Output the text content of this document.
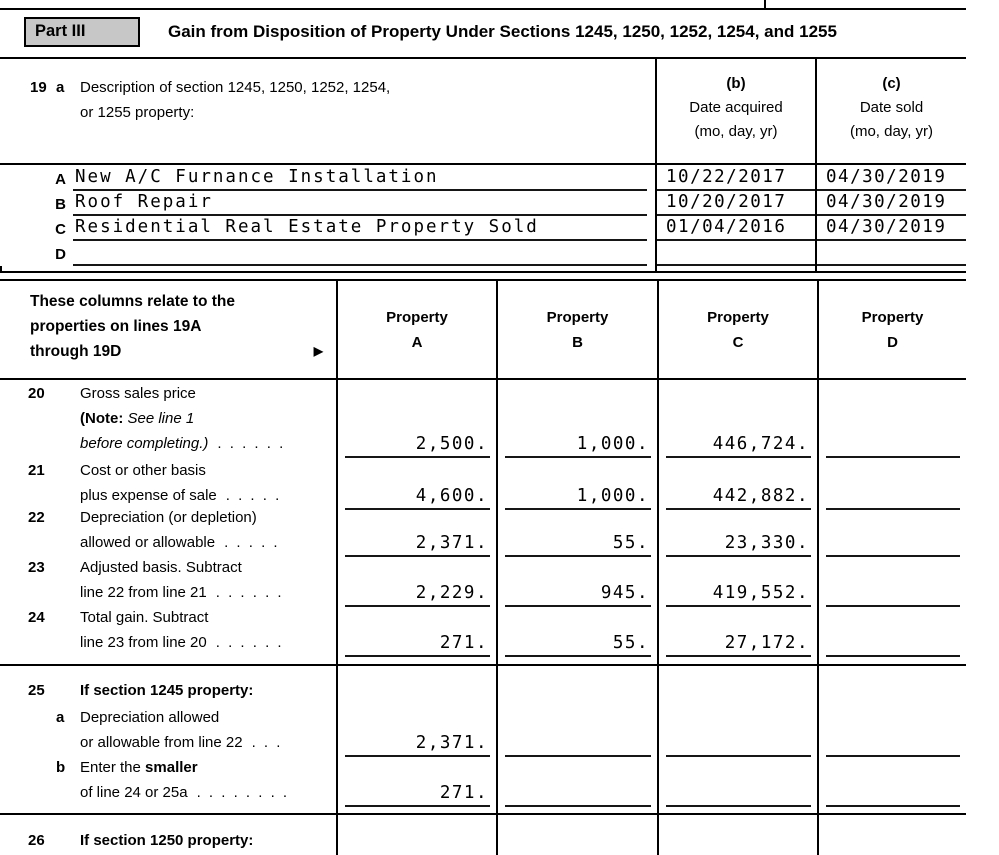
Part III	Gain from Disposition of Property Under Sections 1245, 1250, 1252, 1254, and 1255
19 a Description of section 1245, 1250, 1252, 1254,
or 1255 property:
(b)
Date acquired
(mo, day, yr)
(c)
Date sold
(mo, day, yr)
A New A/C Furnance Installation	10/22/2017	04/30/2019
B Roof Repair	10/20/2017	04/30/2019
C Residential Real Estate Property Sold	01/04/2016	04/30/2019
D
These columns relate to the
properties on lines 19A
through 19D	▶
Property
A
Property
B
Property
C
Property
D
20 Gross sales price
(Note: See line 1
before completing.) . . . . . .	2,500.	1,000.	446,724.
21 Cost or other basis
plus expense of sale . . . . .	4,600.	1,000.	442,882.
22 Depreciation (or depletion)
allowed or allowable . . . . .	2,371.	55.	23,330.
23 Adjusted basis. Subtract
line 22 from line 21 . . . . . .	2,229.	945.	419,552.
24 Total gain. Subtract
line 23 from line 20 . . . . . .	271.	55.	27,172.
25 If section 1245 property:
a Depreciation allowed
or allowable from line 22 . . .	2,371.
b Enter the smaller
of line 24 or 25a . . . . . . . .	271.
26 If section 1250 property:
